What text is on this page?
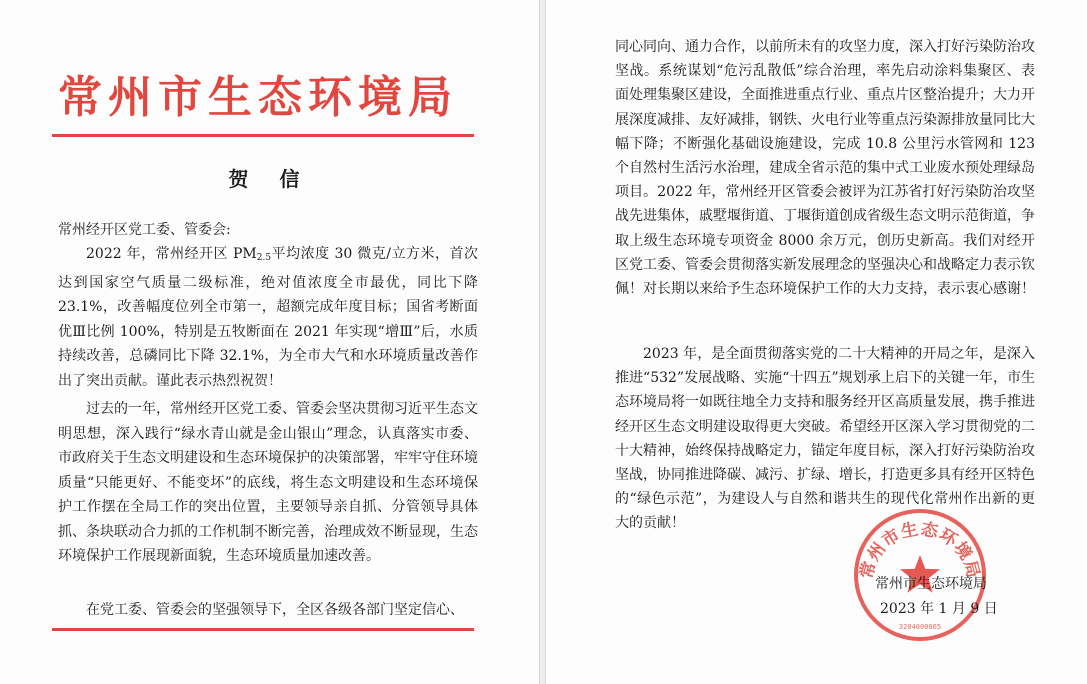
常州市生态环境局
贺 信
常州经开区党工委、管委会:
2022 年，常州经开区 $PM_{2.5}$平均浓度 30 微克/立方米，首次达到国家空气质量二级标准，绝对值浓度全市最优，同比下降 23.1%，改善幅度位列全市第一，超额完成年度目标；国省考断面优Ⅲ比例 100%，特别是五牧断面在 2021 年实现“增Ⅲ”后，水质持续改善，总磷同比下降 32.1%，为全市大气和水环境质量改善作出了突出贡献。谨此表示热烈祝贺！
过去的一年，常州经开区党工委、管委会坚决贯彻习近平生态文明思想，深入践行“绿水青山就是金山银山”理念，认真落实市委、市政府关于生态文明建设和生态环境保护的决策部署，牢牢守住环境质量“只能更好、不能变坏”的底线，将生态文明建设和生态环境保护工作摆在全局工作的突出位置，主要领导亲自抓、分管领导具体抓、条块联动合力抓的工作机制不断完善，治理成效不断显现，生态环境保护工作展现新面貌，生态环境质量加速改善。
在党工委、管委会的坚强领导下，全区各级各部门坚定信心、
同心同向、通力合作，以前所未有的攻坚力度，深入打好污染防治攻坚战。系统谋划“危污乱散低”综合治理，率先启动涂料集聚区、表面处理集聚区建设，全面推进重点行业、重点片区整治提升；大力开展深度减排、友好减排，钢铁、火电行业等重点污染源排放量同比大幅下降；不断强化基础设施建设，完成 10.8 公里污水管网和 123 个自然村生活污水治理，建成全省示范的集中式工业废水预处理绿岛项目。2022 年，常州经开区管委会被评为江苏省打好污染防治攻坚战先进集体，戚墅堰街道、丁堰街道创成省级生态文明示范街道，争取上级生态环境专项资金 8000 余万元，创历史新高。我们对经开区党工委、管委会贯彻落实新发展理念的坚强决心和战略定力表示钦佩！对长期以来给予生态环境保护工作的大力支持，表示衷心感谢！
2023 年，是全面贯彻落实党的二十大精神的开局之年，是深入推进“532”发展战略、实施“十四五”规划承上启下的关键一年，市生态环境局将一如既往地全力支持和服务经开区高质量发展，携手推进经开区生态文明建设取得更大突破。希望经开区深入学习贯彻党的二十大精神，始终保持战略定力，锚定年度目标，深入打好污染防治攻坚战，协同推进降碳、减污、扩绿、增长，打造更多具有经开区特色的“绿色示范”，为建设人与自然和谐共生的现代化常州作出新的更大的贡献！
常州市生态环境局
3204000065
常州市生态环境局
2023 年 1 月 9 日
